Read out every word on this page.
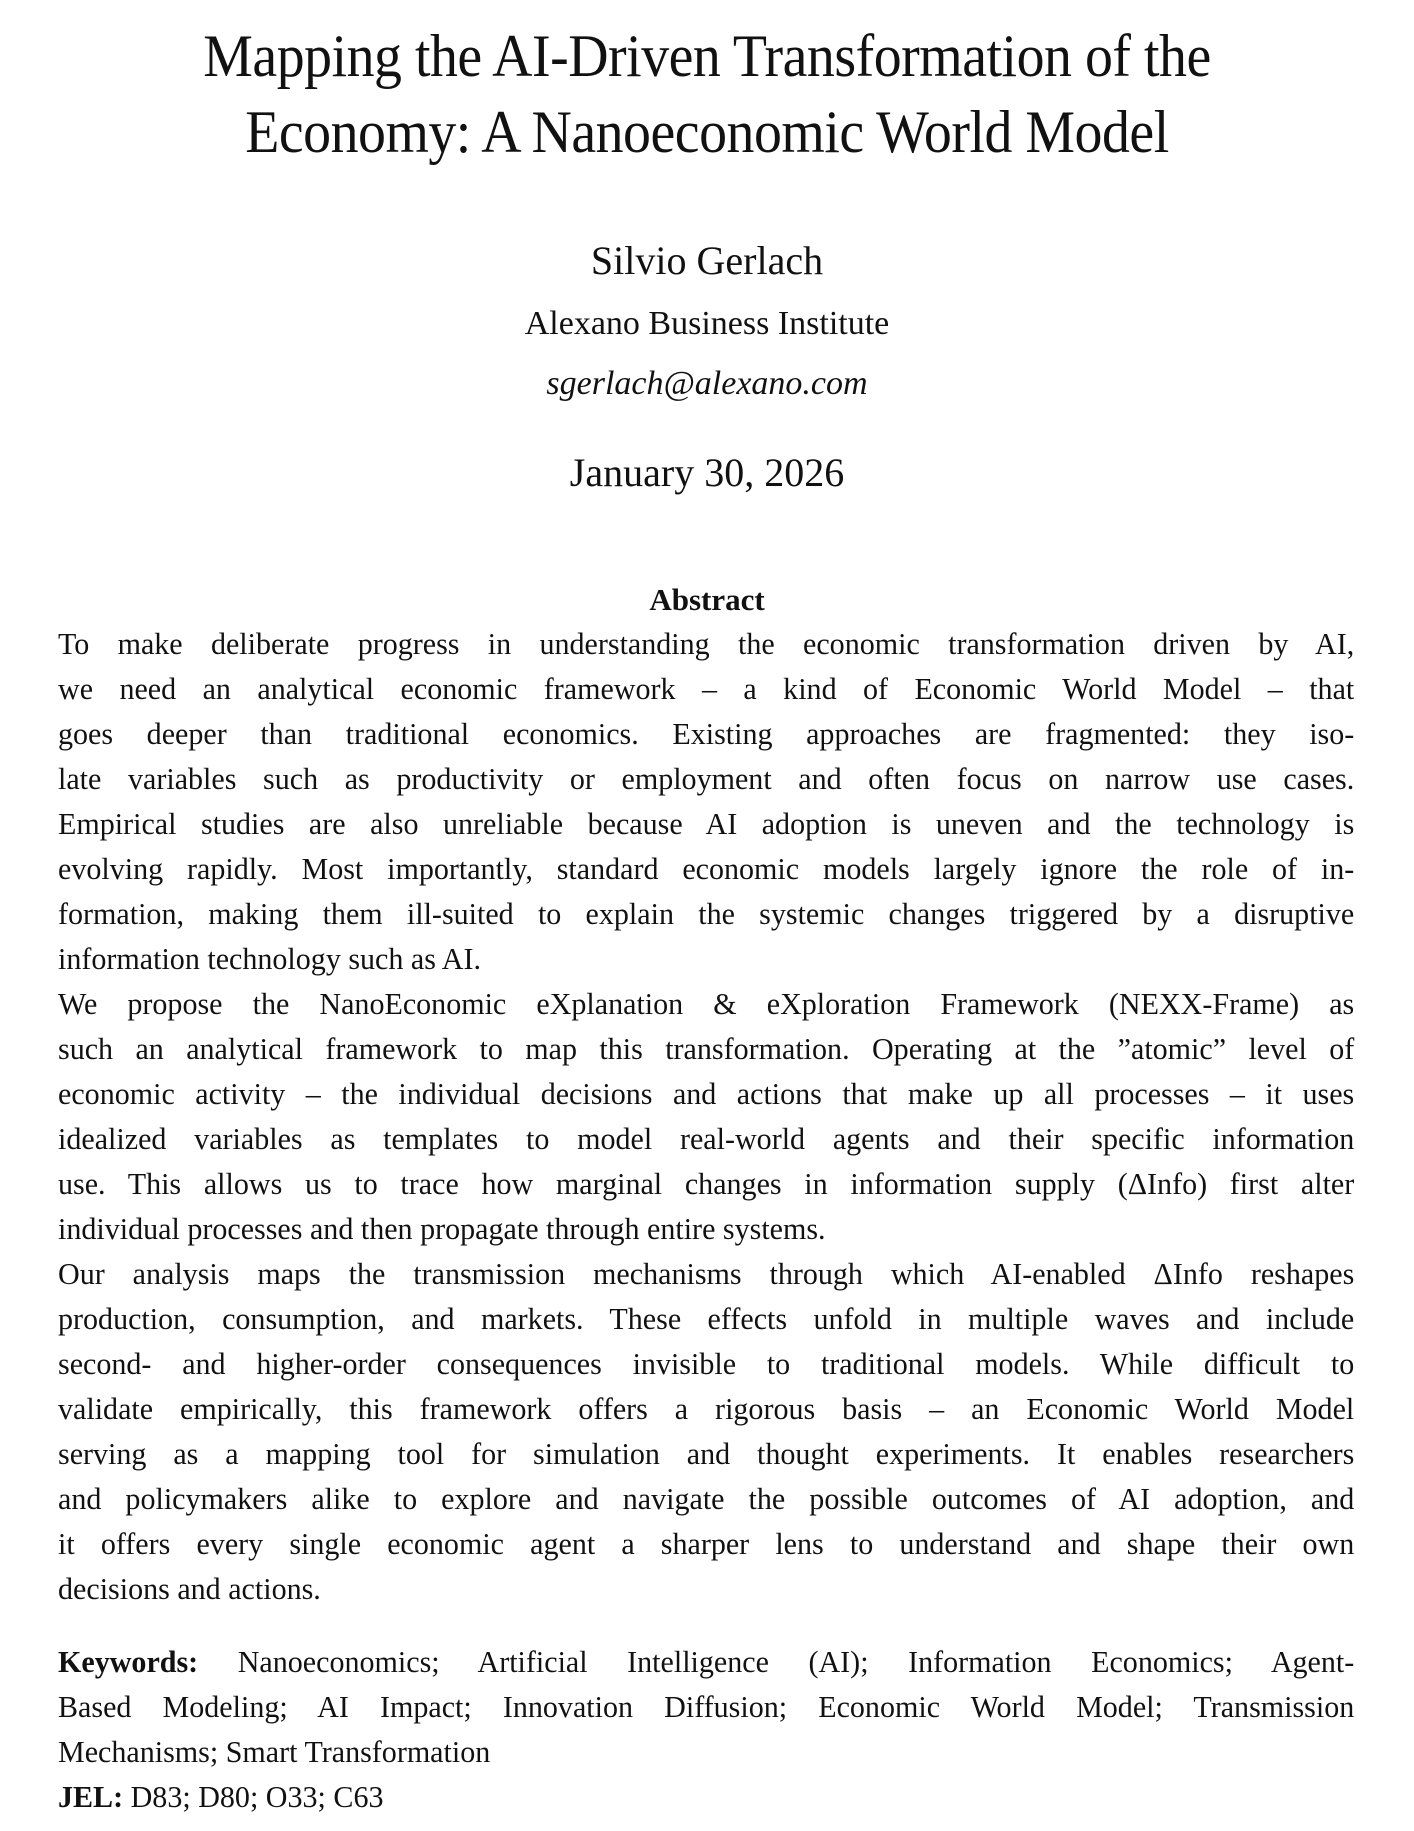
Mapping the AI-Driven Transformation of the
Economy: A Nanoeconomic World Model
Silvio Gerlach
Alexano Business Institute
sgerlach@alexano.com
January 30, 2026
Abstract
To make deliberate progress in understanding the economic transformation driven by AI,
we need an analytical economic framework – a kind of Economic World Model – that
goes deeper than traditional economics. Existing approaches are fragmented: they iso-
late variables such as productivity or employment and often focus on narrow use cases.
Empirical studies are also unreliable because AI adoption is uneven and the technology is
evolving rapidly. Most importantly, standard economic models largely ignore the role of in-
formation, making them ill-suited to explain the systemic changes triggered by a disruptive
information technology such as AI.
We propose the NanoEconomic eXplanation & eXploration Framework (NEXX-Frame) as
such an analytical framework to map this transformation. Operating at the ”atomic” level of
economic activity – the individual decisions and actions that make up all processes – it uses
idealized variables as templates to model real-world agents and their specific information
use. This allows us to trace how marginal changes in information supply (ΔInfo) first alter
individual processes and then propagate through entire systems.
Our analysis maps the transmission mechanisms through which AI-enabled ΔInfo reshapes
production, consumption, and markets. These effects unfold in multiple waves and include
second- and higher-order consequences invisible to traditional models. While difficult to
validate empirically, this framework offers a rigorous basis – an Economic World Model
serving as a mapping tool for simulation and thought experiments. It enables researchers
and policymakers alike to explore and navigate the possible outcomes of AI adoption, and
it offers every single economic agent a sharper lens to understand and shape their own
decisions and actions.
Keywords: Nanoeconomics; Artificial Intelligence (AI); Information Economics; Agent-
Based Modeling; AI Impact; Innovation Diffusion; Economic World Model; Transmission
Mechanisms; Smart Transformation
JEL: D83; D80; O33; C63
